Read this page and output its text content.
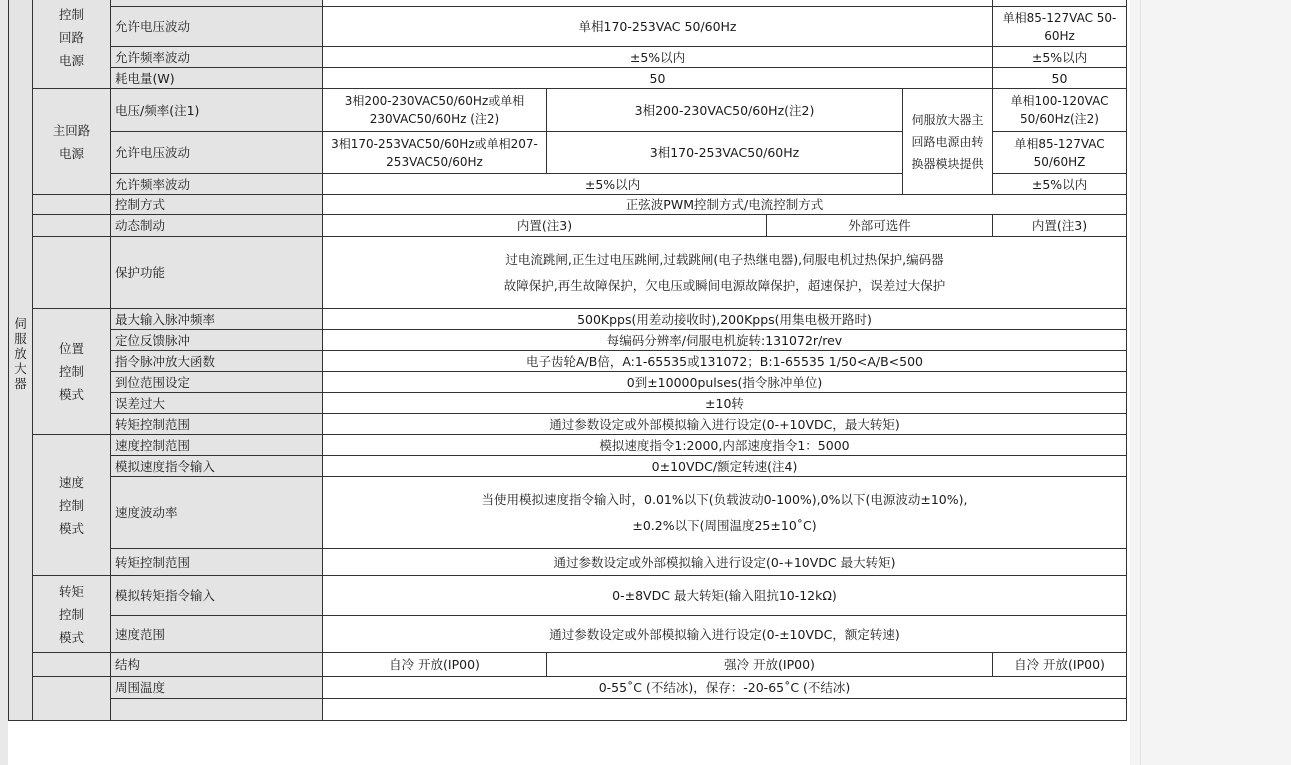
伺服放大器	控制回路电源						
		允许电压波动	单相170-253VAC 50/60Hz				单相85-127VAC 50-60Hz
		允许频率波动	±5%以内				±5%以内
		耗电量(W)	50				50
	主回路电源	电压/频率(注1)	3相200-230VAC50/60Hz或单相230VAC50/60Hz (注2)	3相200-230VAC50/60Hz(注2)		伺服放大器主回路电源由转换器模块提供	单相100-120VAC 50/60Hz(注2)
		允许电压波动	3相170-253VAC50/60Hz或单相207-253VAC50/60Hz	3相170-253VAC50/60Hz			单相85-127VAC 50/60HZ
		允许频率波动	±5%以内				±5%以内
		控制方式	正弦波PWM控制方式/电流控制方式				
		动态制动	内置(注3)		外部可选件		内置(注3)
		保护功能	过电流跳闸,正生过电压跳闸,过载跳闸(电子热继电器),伺服电机过热保护,编码器
故障保护,再生故障保护，欠电压或瞬间电源故障保护，超速保护，误差过大保护				

	位置控制模式	最大输入脉冲频率	500Kpps(用差动接收时),200Kpps(用集电极开路时)				
		定位反馈脉冲	每编码分辨率/伺服电机旋转:131072r/rev				
		指令脉冲放大函数	电子齿轮A/B倍，A:1-65535或131072；B:1-65535 1/50<A/B<500				
		到位范围设定	0到±10000pulses(指令脉冲单位)				
		误差过大	±10转				
		转矩控制范围	通过参数设定或外部模拟输入进行设定(0-+10VDC，最大转矩)				
	速度控制模式	速度控制范围	模拟速度指令1:2000,内部速度指令1：5000				
		模拟速度指令输入	0±10VDC/额定转速(注4)				
		速度波动率	当使用模拟速度指令输入时，0.01%以下(负载波动0-100%),0%以下(电源波动±10%),
±0.2%以下(周围温度25±10˚C)				

		转矩控制范围	通过参数设定或外部模拟输入进行设定(0-+10VDC 最大转矩)				
	转矩控制模式	模拟转矩指令输入	0-±8VDC 最大转矩(输入阻抗10-12kΩ)				
		速度范围	通过参数设定或外部模拟输入进行设定(0-±10VDC，额定转速)				
		结构	自冷 开放(IP00)	强冷 开放(IP00)			自冷 开放(IP00)
		周围温度	0-55˚C (不结冰)，保存：-20-65˚C (不结冰)				
